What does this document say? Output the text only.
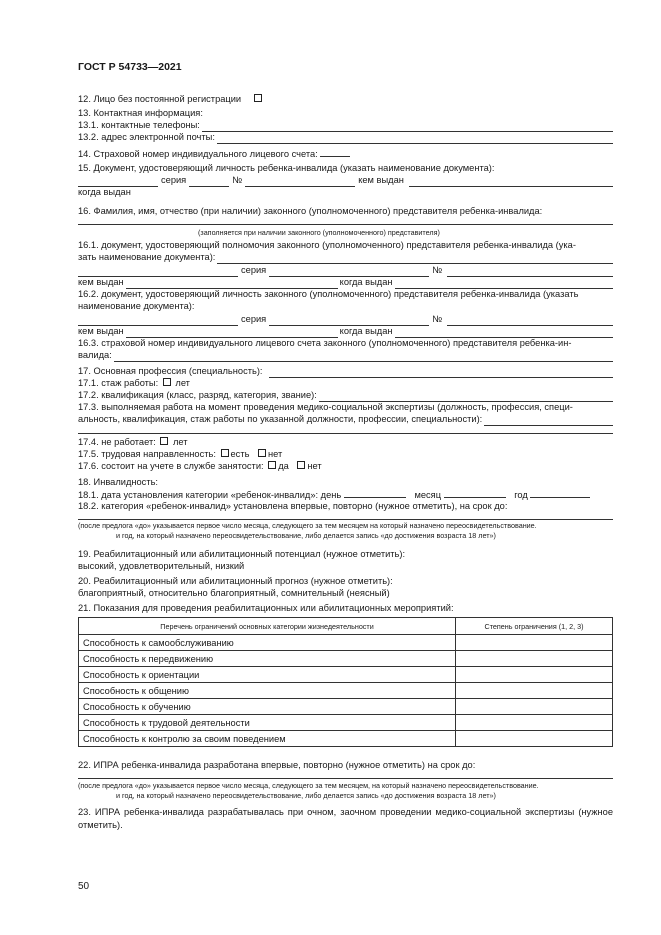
ГОСТ Р 54733—2021
12. Лицо без постоянной регистрации
13. Контактная информация:
13.1. контактные телефоны:
13.2. адрес электронной почты:
14. Страховой номер индивидуального лицевого счета:
15. Документ, удостоверяющий личность ребенка-инвалида (указать наименование документа):
серия	№	кем выдан
когда выдан
16. Фамилия, имя, отчество (при наличии) законного (уполномоченного) представителя ребенка-инвалида:
(заполняется при наличии законного (уполномоченного) представителя)
16.1. документ, удостоверяющий полномочия законного (уполномоченного) представителя ребенка-инвалида (ука-
зать наименование документа):
серия	№
кем выдан	когда выдан
16.2. документ, удостоверяющий личность законного (уполномоченного) представителя ребенка-инвалида (указать
наименование документа):
серия	№
кем выдан	когда выдан
16.3. страховой номер индивидуального лицевого счета законного (уполномоченного) представителя ребенка-ин-
валида:
17. Основная профессия (специальность):
17.1. стаж работы: лет
17.2. квалификация (класс, разряд, категория, звание):
17.3. выполняемая работа на момент проведения медико-социальной экспертизы (должность, профессия, специ-
альность, квалификация, стаж работы по указанной должности, профессии, специальности):
17.4. не работает: лет
17.5. трудовая направленность: есть нет
17.6. состоит на учете в службе занятости: да нет
18. Инвалидность:
18.1. дата установления категории «ребенок-инвалид»: день	месяц	год
18.2. категория «ребенок-инвалид» установлена впервые, повторно (нужное отметить), на срок до:
(после предлога «до» указывается первое число месяца, следующего за тем месяцем на который назначено переосвидетельствование.
и год, на который назначено переосвидетельствование, либо делается запись «до достижения возраста 18 лет»)
19. Реабилитационный или абилитационный потенциал (нужное отметить):
высокий, удовлетворительный, низкий
20. Реабилитационный или абилитационный прогноз (нужное отметить):
благоприятный, относительно благоприятный, сомнительный (неясный)
21. Показания для проведения реабилитационных или абилитационных мероприятий:
Перечень ограничений основных категории жизнедеятельности	Степень ограничения (1, 2, 3)
Способность к самообслуживанию	
Способность к передвижению	
Способность к ориентации	
Способность к общению	
Способность к обучению	
Способность к трудовой деятельности	
Способность к контролю за своим поведением	
22. ИПРА ребенка-инвалида разработана впервые, повторно (нужное отметить) на срок до:
(после предлога «до» указывается первое число месяца, следующего за тем месяцем, на который назначено переосвидетельствование.
и год, на который назначено переосвидетельствование, либо делается запись «до достижения возраста 18 лет»)
23. ИПРА ребенка-инвалида разрабатывалась при очном, заочном проведении медико-социальной экспертизы (нужное отметить).
50
